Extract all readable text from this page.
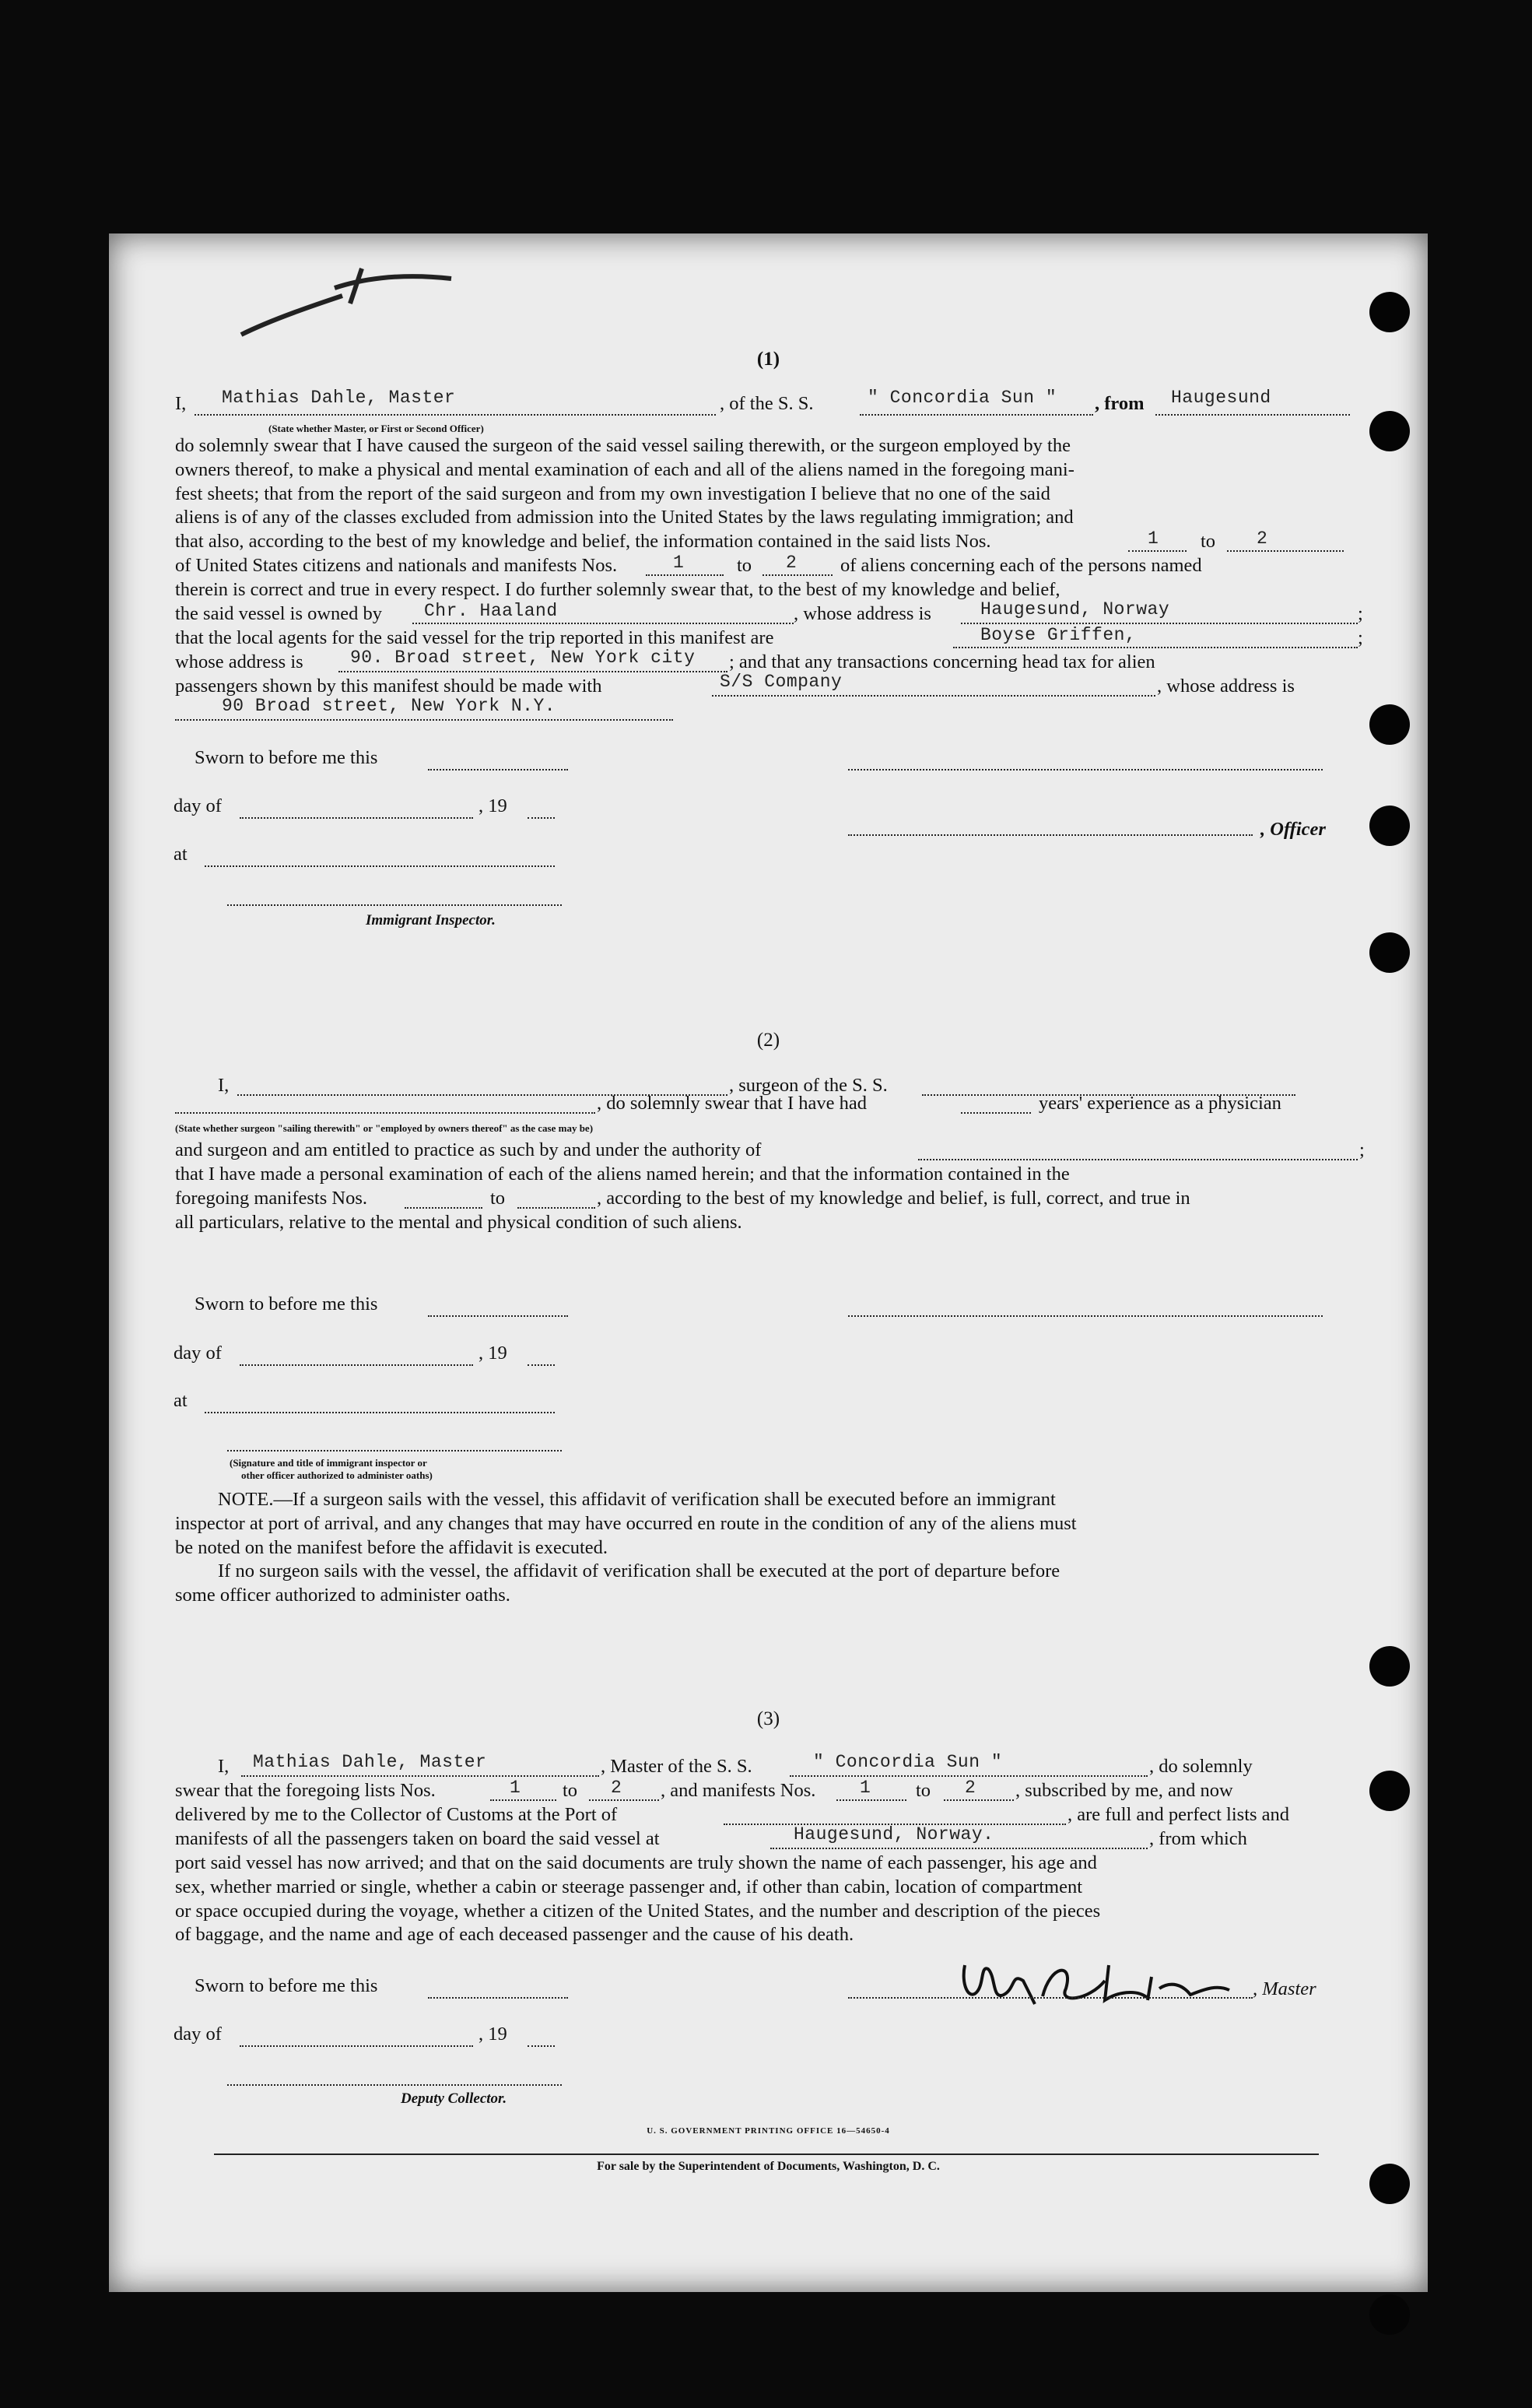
(1)
I, Mathias Dahle, Master	, of the S. S.	" Concordia Sun " , from Haugesund
(State whether Master, or First or Second Officer)
do solemnly swear that I have caused the surgeon of the said vessel sailing therewith, or the surgeon employed by the
owners thereof, to make a physical and mental examination of each and all of the aliens named in the foregoing mani-
fest sheets; that from the report of the said surgeon and from my own investigation I believe that no one of the said
aliens is of any of the classes excluded from admission into the United States by the laws regulating immigration; and
that also, according to the best of my knowledge and belief, the information contained in the said lists Nos.	1 to 2
of United States citizens and nationals and manifests Nos.	1	to 2 of aliens concerning each of the persons named
therein is correct and true in every respect. I do further solemnly swear that, to the best of my knowledge and belief,
the said vessel is owned by Chr. Haaland	, whose address is	Haugesund, Norway	;
that the local agents for the said vessel for the trip reported in this manifest are	Boyse Griffen,	;
whose address is	90. Broad street, New York city ; and that any transactions concerning head tax for alien
passengers shown by this manifest should be made with	S/S Company	, whose address is
90 Broad street, New York N.Y.
Sworn to before me this
day of	, 19
, Officer
at
Immigrant Inspector.
(2)
I,	, surgeon of the S. S.
, do solemnly swear that I have had	years' experience as a physician
(State whether surgeon "sailing therewith" or "employed by owners thereof" as the case may be)
and surgeon and am entitled to practice as such by and under the authority of	;
that I have made a personal examination of each of the aliens named herein; and that the information contained in the
foregoing manifests Nos.	to	, according to the best of my knowledge and belief, is full, correct, and true in
all particulars, relative to the mental and physical condition of such aliens.
Sworn to before me this
day of	, 19
at
(Signature and title of immigrant inspector or
other officer authorized to administer oaths)
NOTE.—If a surgeon sails with the vessel, this affidavit of verification shall be executed before an immigrant
inspector at port of arrival, and any changes that may have occurred en route in the condition of any of the aliens must
be noted on the manifest before the affidavit is executed.
If no surgeon sails with the vessel, the affidavit of verification shall be executed at the port of departure before
some officer authorized to administer oaths.
(3)
I, Mathias Dahle, Master	, Master of the S. S.	" Concordia Sun "	, do solemnly
swear that the foregoing lists Nos.	1 to 2 , and manifests Nos. 1 to 2 , subscribed by me, and now
delivered by me to the Collector of Customs at the Port of	, are full and perfect lists and
manifests of all the passengers taken on board the said vessel at	Haugesund, Norway.	, from which
port said vessel has now arrived; and that on the said documents are truly shown the name of each passenger, his age and
sex, whether married or single, whether a cabin or steerage passenger and, if other than cabin, location of compartment
or space occupied during the voyage, whether a citizen of the United States, and the number and description of the pieces
of baggage, and the name and age of each deceased passenger and the cause of his death.
Sworn to before me this	, Master
day of	, 19
Deputy Collector.
U. S. GOVERNMENT PRINTING OFFICE 16—54650-4
For sale by the Superintendent of Documents, Washington, D. C.
